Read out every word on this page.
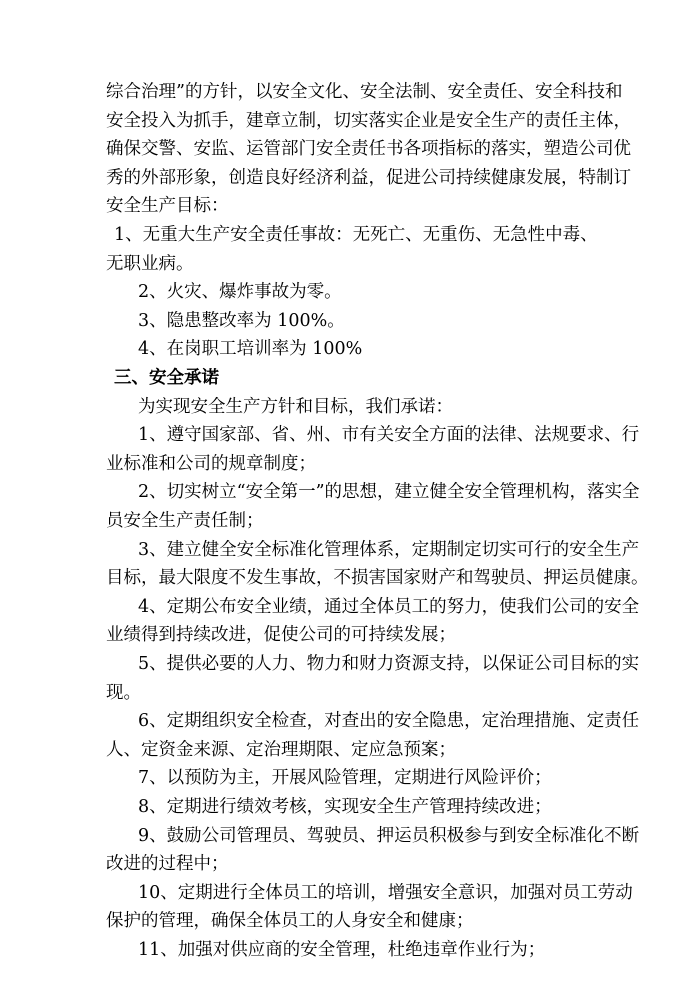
综合治理”的方针，以安全文化、安全法制、安全责任、安全科技和
安全投入为抓手，建章立制，切实落实企业是安全生产的责任主体，
确保交警、安监、运管部门安全责任书各项指标的落实，塑造公司优
秀的外部形象，创造良好经济利益，促进公司持续健康发展，特制订
安全生产目标：
1、无重大生产安全责任事故：无死亡、无重伤、无急性中毒、
无职业病。
2、火灾、爆炸事故为零。
3、隐患整改率为 100%。
4、在岗职工培训率为 100%
三、安全承诺
为实现安全生产方针和目标，我们承诺：
1、遵守国家部、省、州、市有关安全方面的法律、法规要求、行
业标准和公司的规章制度；
2、切实树立“安全第一”的思想，建立健全安全管理机构，落实全
员安全生产责任制；
3、建立健全安全标准化管理体系，定期制定切实可行的安全生产
目标，最大限度不发生事故，不损害国家财产和驾驶员、押运员健康。
4、定期公布安全业绩，通过全体员工的努力，使我们公司的安全
业绩得到持续改进，促使公司的可持续发展；
5、提供必要的人力、物力和财力资源支持，以保证公司目标的实
现。
6、定期组织安全检查，对查出的安全隐患，定治理措施、定责任
人、定资金来源、定治理期限、定应急预案；
7、以预防为主，开展风险管理，定期进行风险评价；
8、定期进行绩效考核，实现安全生产管理持续改进；
9、鼓励公司管理员、驾驶员、押运员积极参与到安全标准化不断
改进的过程中；
10、定期进行全体员工的培训，增强安全意识，加强对员工劳动
保护的管理，确保全体员工的人身安全和健康；
11、加强对供应商的安全管理，杜绝违章作业行为；
